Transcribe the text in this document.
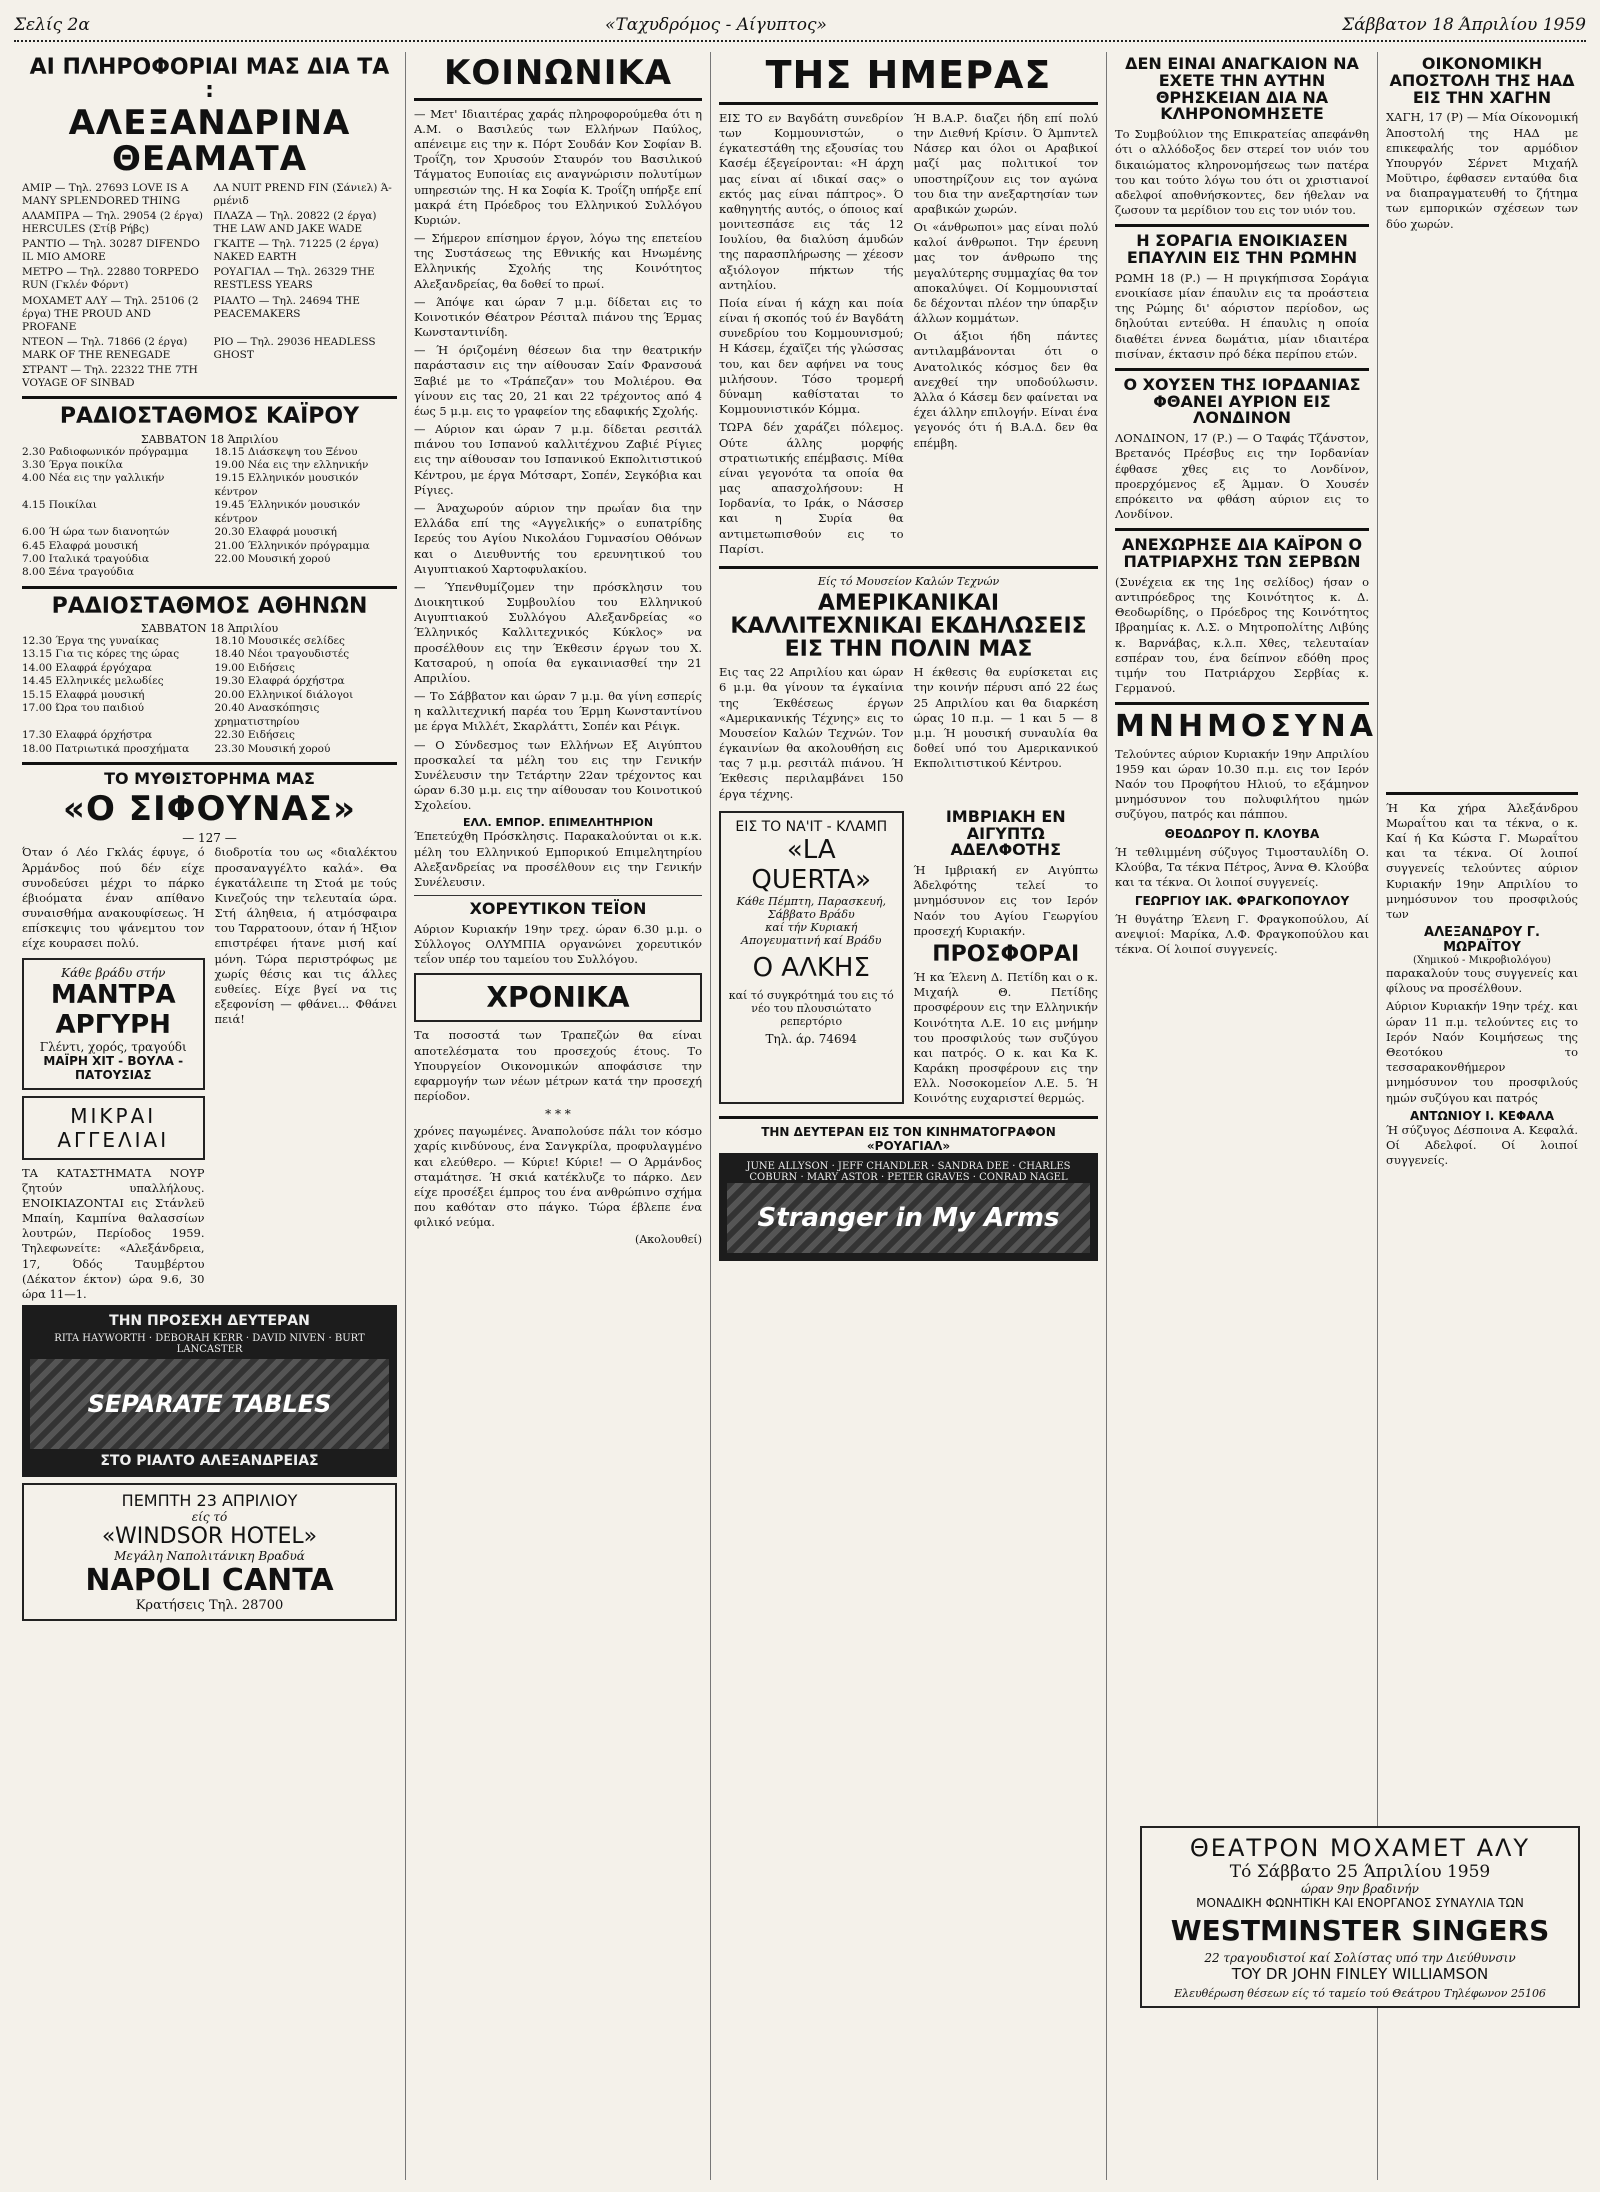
Σελίς 2α	«Ταχυδρόμος - Αίγυπτος»	Σάββατον 18 Άπριλίου 1959
ΑΙ ΠΛΗΡΟΦΟΡΙΑΙ ΜΑΣ ΔΙΑ ΤΑ :
ΑΛΕΞΑΝΔΡΙΝΑ ΘΕΑΜΑΤΑ
ΑΜΙΡ — Τηλ. 27693 LOVE IS A MANY SPLENDORED THING
ΛΑ NUIT PREND FIN (Σάνιελ) Ά-ρμένιδ
ΑΛΑΜΠΡΑ — Τηλ. 29054 (2 έργα) HERCULES (Στίβ Ρήβς)
ΠΛΑΖΑ — Τηλ. 20822 (2 έργα) THE LAW AND JAKE WADE
ΡΑΝΤΙΟ — Τηλ. 30287 DIFENDO IL MIO AMORE
ΓΚΑΙΤΕ — Τηλ. 71225 (2 έργα) NAKED EARTH
ΜΕΤΡΟ — Τηλ. 22880 TORPEDO RUN (Γκλέν Φόρντ)
ΡΟΥΑΓΙΑΛ — Τηλ. 26329 THE RESTLESS YEARS
ΜΟΧΑΜΕΤ ΑΛΥ — Τηλ. 25106 (2 έργα) THE PROUD AND PROFANE
ΡΙΑΛΤΟ — Τηλ. 24694 THE PEACEMAKERS
ΝΤΕΟΝ — Τηλ. 71866 (2 έργα) MARK OF THE RENEGADE
ΡΙΟ — Τηλ. 29036 HEADLESS GHOST
ΣΤΡΑΝΤ — Τηλ. 22322 THE 7TH VOYAGE OF SINBAD
ΡΑΔΙΟΣΤΑΘΜΟΣ ΚΑΪΡΟΥ
ΣΑΒΒΑΤΟΝ 18 Άπριλίου
2.30 Ραδιοφωνικόν πρόγραμμα	18.15 Διάσκεψη του Ξένου
3.30 Έργα ποικίλα	19.00 Νέα εις την ελληνικήν
4.00 Νέα εις την γαλλικήν	19.15 Ελληνικόν μουσικόν κέντρον
4.15 Ποικίλαι	19.45 Έλληνικόν μουσικόν κέντρον
6.00 Ή ώρα των διανοητών	20.30 Ελαφρά μουσική
6.45 Ελαφρά μουσική	21.00 Έλληνικόν πρόγραμμα
7.00 Ιταλικά τραγούδια	22.00 Μουσική χορού
8.00 Ξένα τραγούδια
ΡΑΔΙΟΣΤΑΘΜΟΣ ΑΘΗΝΩΝ
ΣΑΒΒΑΤΟΝ 18 Άπριλίου
12.30 Έργα της γυναίκας	18.10 Μουσικές σελίδες
13.15 Για τις κόρες της ώρας	18.40 Νέοι τραγουδιστές
14.00 Ελαφρά έργόχαρα	19.00 Ειδήσεις
14.45 Ελληνικές μελωδίες	19.30 Ελαφρά όρχήστρα
15.15 Ελαφρά μουσική	20.00 Ελληνικοί διάλογοι
17.00 Ώρα του παιδιού	20.40 Ανασκόπησις χρηματιστηρίου
17.30 Ελαφρά όρχήστρα	22.30 Ειδήσεις
18.00 Πατριωτικά προσχήματα	23.30 Μουσική χορού
ΤΟ ΜΥΘΙΣΤΟΡΗΜΑ ΜΑΣ
«Ο ΣΙΦΟΥΝΑΣ»
— 127 —

Όταν ό Λέο Γκλάς έφυγε, ό Άρμάνδος πού δέν είχε συνοδεύσει μέχρι το πάρκο έβιοόματα έναν απίθανο συναισθήμα ανακουφίσεως. Ή επίσκεψις του ψάνεμτου τον είχε κουρασει πολύ.

Κάθε βράδυ στήν
ΜΑΝΤΡΑ ΑΡΓΥΡΗ
Γλέντι, χορός, τραγούδι
ΜΑΪΡΗ ΧΙΤ - ΒΟΥΛΑ - ΠΑΤΟΥΣΙΑΣ
ΜΙΚΡΑΙ
ΑΓΓΕΛΙΑΙ

ΤΑ ΚΑΤΑΣΤΗΜΑΤΑ ΝΟΥΡ ζητούν υπαλλήλους. ΕΝΟΙΚΙΑΖΟΝΤΑΙ εις Στάνλεϋ Μπαίη, Καμπίνα θαλασσίων λουτρών, Περίοδος 1959. Τηλεφωνείτε: «Αλεξάνδρεια, 17, Όδός Ταυμβέρτου (Δέκατον έκτον) ώρα 9.6, 30 ώρα 11—1.

διοδροτία του ως «διαλέκτου προσαναγγέλτο καλά». Θα έγκατάλειπε τη Στοά με τούς Κινεζούς την τελευταία ώρα. Στή άληθεια, ή ατμόσφαιρα του Ταρρατοουν, όταν ή Ήξιον επιστρέφει ήτανε μισή καί μόνη. Τώρα περιστρόφως με χωρίς θέσις και τις άλλες ευθείες. Είχε βγεί να τις εξεφονίση — φθάνει... Φθάνει πειά!

ΤΗΝ ΠΡΟΣΕΧΗ ΔΕΥΤΕΡΑΝ
RITA HAYWORTH · DEBORAH KERR · DAVID NIVEN · BURT LANCASTER
SEPARATE TABLES
ΣΤΟ ΡΙΑΛΤΟ ΑΛΕΞΑΝΔΡΕΙΑΣ
ΠΕΜΠΤΗ 23 ΑΠΡΙΛΙΟΥ
είς τό
«WINDSOR HOTEL»
Μεγάλη Ναπολιτάνικη Βραδυά
NAPOLI CANTA
Κρατήσεις Τηλ. 28700
ΚΟΙΝΩΝΙΚΑ

— Μετ' Ιδιαιτέρας χαράς πληροφορούμεθα ότι η Α.Μ. ο Βασιλεύς των Ελλήνων Παύλος, απένειμε εις την κ. Πόρτ Σουδάν Κον Σοφίαν Β. Τροΐζη, τον Χρυσούν Σταυρόν του Βασιλικού Τάγματος Ευποιίας εις αναγνώρισιν πολυτίμων υπηρεσιών της. Η κα Σοφία Κ. Τροΐζη υπήρξε επί μακρά έτη Πρόεδρος του Ελληνικού Συλλόγου Κυριών.

— Σήμερον επίσημον έργον, λόγω της επετείου της Συστάσεως της Εθνικής και Ηνωμένης Ελληνικής Σχολής της Κοινότητος Αλεξανδρείας, θα δοθεί το πρωί.

— Άπόψε και ώραν 7 μ.μ. δίδεται εις το Κοινοτικόν Θέατρον Ρέσιταλ πιάνου της Έρμας Κωνσταντινίδη.

— Ή όριζομένη θέσεων δια την θεατρικήν παράστασιν εις την αίθουσαν Σαίν Φρανσουά Ξαβιέ με το «Τράπεζαν» του Μολιέρου. Θα γίνουν εις τας 20, 21 και 22 τρέχοντος από 4 έως 5 μ.μ. εις το γραφείον της εδαφικής Σχολής.

— Αύριον και ώραν 7 μ.μ. δίδεται ρεσιτάλ πιάνου του Ισπανού καλλιτέχνου Ζαβιέ Ρίγιες εις την αίθουσαν του Ισπανικού Εκπολιτιστικού Κέντρου, με έργα Μότσαρτ, Σοπέν, Σεγκόβια και Ρίγιες.

— Άναχωρούν αύριον την πρωΐαν δια την Ελλάδα επί της «Αγγελικής» ο ευπατρίδης Ιερεύς του Αγίου Νικολάου Γυμνασίου Οθόνων και ο Διευθυντής του ερευνητικού του Αιγυπτιακού Χαρτοφυλακίου.

— Ύπενθυμίζομεν την πρόσκλησιν του Διοικητικού Συμβουλίου του Ελληνικού Αιγυπτιακού Συλλόγου Αλεξανδρείας «ο Έλληνικός Καλλιτεχνικός Κύκλος» να προσέλθουν εις την Έκθεσιν έργων του Χ. Κατσαρού, η οποία θα εγκαινιασθεί την 21 Απριλίου.

— Το Σάββατον και ώραν 7 μ.μ. θα γίνη εσπερίς η καλλιτεχνική παρέα του Έρμη Κωνσταντίνου με έργα Μιλλέτ, Σκαρλάττι, Σοπέν και Ρέιγκ.

— Ο Σύνδεσμος των Ελλήνων Εξ Αιγύπτου προσκαλεί τα μέλη του εις την Γενικήν Συνέλευσιν την Τετάρτην 22αν τρέχοντος και ώραν 6.30 μ.μ. εις την αίθουσαν του Κοινοτικού Σχολείου.

ΕΛΛ. ΕΜΠΟΡ. ΕΠΙΜΕΛΗΤΗΡΙΟΝ

Έπετεύχθη Πρόσκλησις. Παρακαλούνται οι κ.κ. μέλη του Ελληνικού Εμπορικού Επιμελητηρίου Αλεξανδρείας να προσέλθουν εις την Γενικήν Συνέλευσιν.

ΧΟΡΕΥΤΙΚΟΝ ΤΕΪΟΝ

Αύριον Κυριακήν 19ην τρεχ. ώραν 6.30 μ.μ. ο Σύλλογος ΟΛΥΜΠΙΑ οργανώνει χορευτικόν τεΐον υπέρ του ταμείου του Συλλόγου.

ΧΡΟΝΙΚΑ

Τα ποσοστά των Τραπεζών θα είναι αποτελέσματα του προσεχούς έτους. Το Υπουργείον Οικονομικών αποφάσισε την εφαρμογήν των νέων μέτρων κατά την προσεχή περίοδον.

* * *

χρόνες παγωμένες. Άναπολούσε πάλι τον κόσμο χαρίς κινδύνους, ένα Σανγκρίλα, προφυλαγμένο και ελεύθερο. — Κύριε! Κύριε! — Ο Άρμάνδος σταμάτησε. Ή σκιά κατέκλυζε το πάρκο. Δεν είχε προσέξει έμπρος του ένα ανθρώπινο σχήμα που καθόταν στο πάγκο. Τώρα έβλεπε ένα φιλικό νεύμα.

(Ακολουθεί)
ΤΗΣ ΗΜΕΡΑΣ

ΕΙΣ ΤΟ εν Βαγδάτη συνεδρίον των Κομμουνιστών, ο έγκατεστάθη της εξουσίας του Κασέμ έξεγείρονται: «Η άρχη μας είναι αί ιδικαί σας» ο εκτός μας είναι πάπτρος». Ό καθηγητής αυτός, ο όποιος καί μονιτεσπάσε εις τάς 12 Ιουλίου, θα διαλύση άμυδών της παρασπλήρωσης — χέεοσν αξιόλογον πήκτων τής αντηλίου.

Ποία είναι ή κάχη και ποία είναι ή σκοπός τού έν Βαγδάτη συνεδρίου του Κομμουνισμού; Η Κάσεμ, έχαϊζει τής γλώσσας του, και δεν αφήνει να τους μιλήσουν. Τόσο τρομερή δύναμη καθίσταται το Κομμουνιστικόν Κόμμα.

ΤΩΡΑ δέν χαράζει πόλεμος. Ούτε άλλης μορφής στρατιωτικής επέμβασις. Μίθα είναι γεγονότα τα οποία θα μας απασχολήσουν: Η Ιορδανία, το Ιράκ, ο Νάσσερ και η Συρία θα αντιμετωπισθούν εις το Παρίσι.

Ή Β.Α.Ρ. διαζει ήδη επί πολύ την Διεθνή Κρίσιν. Ό Άμπντελ Νάσερ και όλοι οι Αραβικοί μαζί μας πολιτικοί τον υποστηρίζουν εις τον αγώνα του δια την ανεξαρτησίαν των αραβικών χωρών.

Οι «άνθρωποι» μας είναι πολύ καλοί άνθρωποι. Την έρευνη μας τον άνθρωπο της μεγαλύτερης συμμαχίας θα τον αποκαλύψει. Οί Κομμουνισταί δε δέχονται πλέον την ύπαρξιν άλλων κομμάτων.

Οι άξιοι ήδη πάντες αντιλαμβάνονται ότι ο Ανατολικός κόσμος δεν θα ανεχθεί την υποδούλωσιν. Άλλα ό Κάσεμ δεν φαίνεται να έχει άλλην επιλογήν. Είναι ένα γεγονός ότι ή Β.Α.Δ. δεν θα επέμβη.

Είς τό Μουσείον Καλών Τεχνών
ΑΜΕΡΙΚΑΝΙΚΑΙ ΚΑΛΛΙΤΕΧΝΙΚΑΙ ΕΚΔΗΛΩΣΕΙΣ ΕΙΣ ΤΗΝ ΠΟΛΙΝ ΜΑΣ

Εις τας 22 Απριλίου και ώραν 6 μ.μ. θα γίνουν τα έγκαίνια της Έκθέσεως έργων «Αμερικανικής Τέχνης» εις το Μουσείον Καλών Τεχνών. Τον έγκαινίων θα ακολουθήση εις τας 7 μ.μ. ρεσιτάλ πιάνου. Ή Έκθεσις περιλαμβάνει 150 έργα τέχνης.

Η έκθεσις θα ευρίσκεται εις την κοινήν πέρυσι από 22 έως 25 Απριλίου και θα διαρκέση ώρας 10 π.μ. — 1 και 5 — 8 μ.μ. Ή μουσική συναυλία θα δοθεί υπό του Αμερικανικού Εκπολιτιστικού Κέντρου.

ΕΙΣ ΤΟ ΝΑ'ΙΤ - ΚΛΑΜΠ
«LA QUERTA»
Κάθε Πέμπτη, Παρασκευή, Σάββατο Βράδυ
καί τήν Κυριακή Απογευματινή καί Βράδυ
Ο ΑΛΚΗΣ
καί τό συγκρότημά του εις τό νέο του πλουσιώτατο ρεπερτόριο
Τηλ. άρ. 74694
ΙΜΒΡΙΑΚΗ ΕΝ ΑΙΓΥΠΤΩ ΑΔΕΛΦΟΤΗΣ

Ή Ιμβριακή εν Αιγύπτω Άδελφότης τελεί το μνημόσυνον εις τον Ιερόν Ναόν του Αγίου Γεωργίου προσεχή Κυριακήν.

ΠΡΟΣΦΟΡΑΙ

Ή κα Έλενη Δ. Πετίδη και ο κ. Μιχαήλ Θ. Πετίδης προσφέρουν εις την Ελληνικήν Κοινότητα Λ.Ε. 10 εις μνήμην του προσφιλούς των συζύγου και πατρός. Ο κ. και Κα Κ. Καράκη προσφέρουν εις την Ελλ. Νοσοκομείον Λ.Ε. 5. Ή Κοινότης ευχαριστεί θερμώς.

ΤΗΝ ΔΕΥΤΕΡΑΝ ΕΙΣ ΤΟΝ ΚΙΝΗΜΑΤΟΓΡΑΦΟΝ «ΡΟΥΑΓΙΑΛ»
JUNE ALLYSON · JEFF CHANDLER · SANDRA DEE · CHARLES COBURN · MARY ASTOR · PETER GRAVES · CONRAD NAGEL
Stranger in My Arms
ΔΕΝ ΕΙΝΑΙ ΑΝΑΓΚΑΙΟΝ ΝΑ ΕΧΕΤΕ ΤΗΝ ΑΥΤΗΝ ΘΡΗΣΚΕΙΑΝ ΔΙΑ ΝΑ ΚΛΗΡΟΝΟΜΗΣΕΤΕ

Το Συμβούλιον της Επικρατείας απεφάνθη ότι ο αλλόδοξος δεν στερεί τον υιόν του δικαιώματος κληρονομήσεως των πατέρα του και τούτο λόγω του ότι οι χριστιανοί αδελφοί αποθνήσκοντες, δεν ήθελαν να ζωσουν τα μερίδιον του εις τον υιόν του.

Η ΣΟΡΑΓΙΑ ΕΝΟΙΚΙΑΣΕΝ ΕΠΑΥΛΙΝ ΕΙΣ ΤΗΝ ΡΩΜΗΝ

ΡΩΜΗ 18 (Ρ.) — Η πριγκήπισσα Σοράγια ενοικίασε μίαν έπαυλιν εις τα προάστεια της Ρώμης δι' αόριστον περίοδον, ως δηλούται εντεύθα. Η έπαυλις η οποία διαθέτει έννεα δωμάτια, μίαν ιδιαιτέρα πισίναν, έκτασιν πρό δέκα περίπου ετών.

Ο ΧΟΥΣΕΝ ΤΗΣ ΙΟΡΔΑΝΙΑΣ ΦΘΑΝΕΙ ΑΥΡΙΟΝ ΕΙΣ ΛΟΝΔΙΝΟΝ

ΛΟΝΔΙΝΟΝ, 17 (Ρ.) — Ο Ταφάς Τζάνστον, Βρετανός Πρέσβυς εις την Ιορδανίαν έφθασε χθες εις το Λονδίνον, προερχόμενος εξ Άμμαν. Ό Χουσέν επρόκειτο να φθάση αύριον εις το Λονδίνον.

ΑΝΕΧΩΡΗΣΕ ΔΙΑ ΚΑΪΡΟΝ Ο ΠΑΤΡΙΑΡΧΗΣ ΤΩΝ ΣΕΡΒΩΝ

(Συνέχεια εκ της 1ης σελίδος) ήσαν ο αντιπρόεδρος της Κοινότητος κ. Δ. Θεοδωρίδης, ο Πρόεδρος της Κοινότητος Ιβραημίας κ. Λ.Σ. ο Μητροπολίτης Λιβύης κ. Βαρνάβας, κ.λ.π. Χθες, τελευταίαν εσπέραν του, ένα δείπνον εδόθη προς τιμήν του Πατριάρχου Σερβίας κ. Γερμανού.

ΜΝΗΜΟΣΥΝΑ

Τελούντες αύριον Κυριακήν 19ην Απριλίου 1959 και ώραν 10.30 π.μ. εις τον Ιερόν Ναόν του Προφήτου Ηλιού, το εξάμηνον μνημόσυνον του πολυφιλήτου ημών συζύγου, πατρός και πάππου.

ΘΕΟΔΩΡΟΥ Π. ΚΛΟΥΒΑ

Ή τεθλιμμένη σύζυγος Τιμοσταυλίδη Ο. Κλούβα, Τα τέκνα Πέτρος, Άννα Θ. Κλούβα και τα τέκνα. Οι λοιποί συγγενείς.

ΓΕΩΡΓΙΟΥ ΙΑΚ. ΦΡΑΓΚΟΠΟΥΛΟΥ

Ή θυγάτηρ Έλενη Γ. Φραγκοπούλου, Αί ανεψιοί: Μαρίκα, Λ.Φ. Φραγκοπούλου και τέκνα. Οί λοιποί συγγενείς.

ΟΙΚΟΝΟΜΙΚΗ ΑΠΟΣΤΟΛΗ ΤΗΣ ΗΑΔ ΕΙΣ ΤΗΝ ΧΑΓΗΝ

ΧΑΓΗ, 17 (Ρ) — Μία Οίκονομική Άποστολή της ΗΑΔ με επικεφαλής τον αρμόδιον Υπουργόν Σέρνετ Μιχαήλ Μοϋτιρο, έφθασεν ενταύθα δια να διαπραγματευθή το ζήτημα των εμπορικών σχέσεων των δύο χωρών.

Ή Κα χήρα Άλεξάνδρου Μωραΐτου και τα τέκνα, ο κ. Καί ή Κα Κώστα Γ. Μωραΐτου και τα τέκνα. Οί λοιποί συγγενείς τελούντες αύριον Κυριακήν 19ην Απριλίου το μνημόσυνον του προσφιλούς των

ΑΛΕΞΑΝΔΡΟΥ Γ. ΜΩΡΑΪΤΟΥ
(Χημικού - Μικροβιολόγου)

παρακαλούν τους συγγενείς και φίλους να προσέλθουν.

Αύριον Κυριακήν 19ην τρέχ. και ώραν 11 π.μ. τελούντες εις το Ιερόν Ναόν Κοιμήσεως της Θεοτόκου το τεσσαρακονθήμερον μνημόσυνον του προσφιλούς ημών συζύγου και πατρός

ΑΝΤΩΝΙΟΥ Ι. ΚΕΦΑΛΑ

Ή σύζυγος Δέσποινα Α. Κεφαλά. Οί Αδελφοί. Οί λοιποί συγγενείς.

ΘΕΑΤΡΟΝ ΜΟΧΑΜΕΤ ΑΛΥ
Τό Σάββατο 25 Άπριλίου 1959
ώραν 9ην βραδινήν
ΜΟΝΑΔΙΚΗ ΦΩΝΗΤΙΚΗ ΚΑΙ ΕΝΟΡΓΑΝΟΣ ΣΥΝΑΥΛΙΑ ΤΩΝ
WESTMINSTER SINGERS
22 τραγουδιστοί καί Σολίστας υπό την Διεύθυνσιν
TOY DR JOHN FINLEY WILLIAMSON
Ελευθέρωση θέσεων είς τό ταμείο τού Θεάτρου Τηλέφωνον 25106
